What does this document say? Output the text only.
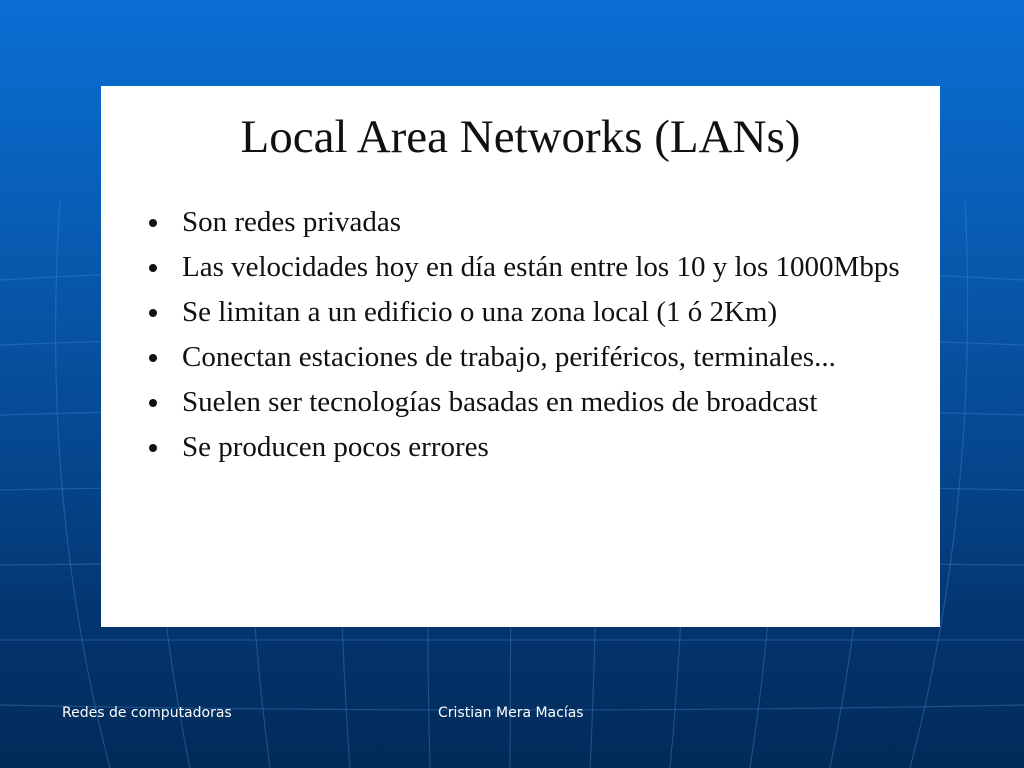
Local Area Networks (LANs)
Son redes privadas
Las velocidades hoy en día están entre los 10 y los 1000Mbps
Se limitan a un edificio o una zona local (1 ó 2Km)
Conectan estaciones de trabajo, periféricos, terminales...
Suelen ser tecnologías basadas en medios de broadcast
Se producen pocos errores
Redes de computadoras	Cristian Mera Macías
